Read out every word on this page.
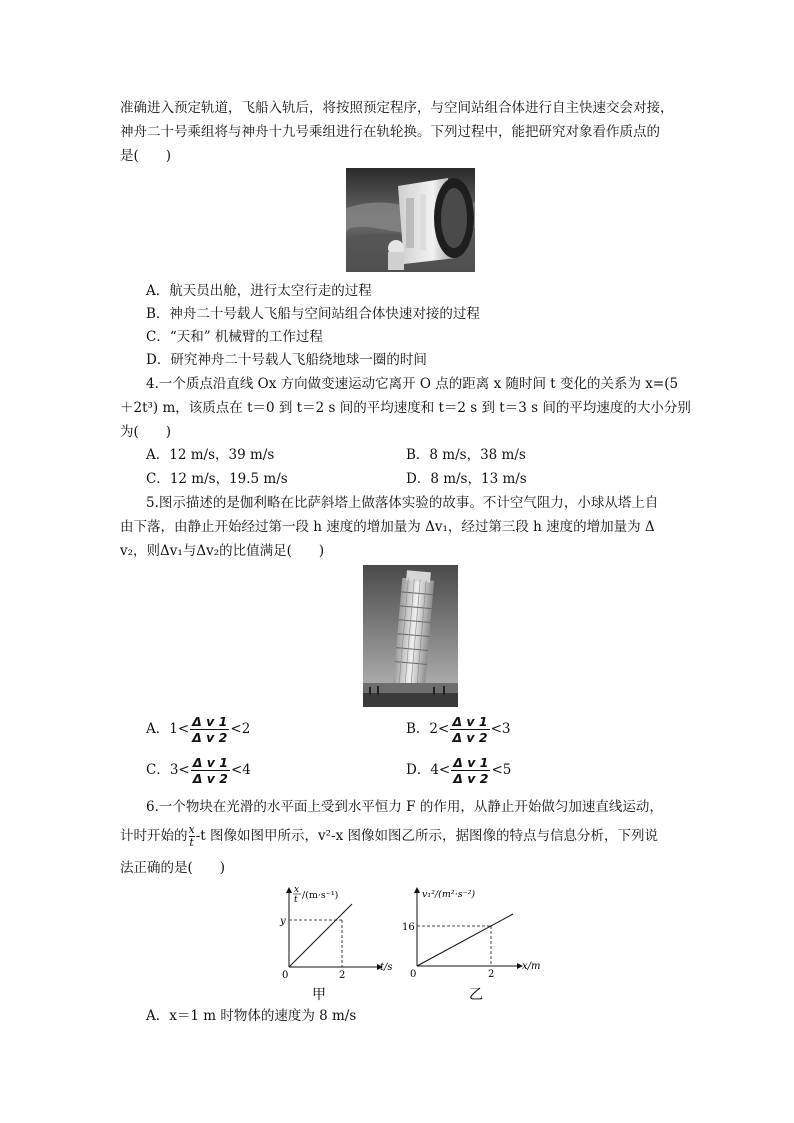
准确进入预定轨道，飞船入轨后，将按照预定程序，与空间站组合体进行自主快速交会对接，
神舟二十号乘组将与神舟十九号乘组进行在轨轮换。下列过程中，能把研究对象看作质点的
是(　　)
A．航天员出舱，进行太空行走的过程
B．神舟二十号载人飞船与空间站组合体快速对接的过程
C．“天和” 机械臂的工作过程
D．研究神舟二十号载人飞船绕地球一圈的时间
4.一个质点沿直线 Ox 方向做变速运动它离开 O 点的距离 x 随时间 t 变化的关系为 x=(5
＋2t³) m，该质点在 t＝0 到 t＝2 s 间的平均速度和 t＝2 s 到 t＝3 s 间的平均速度的大小分别
为(　　)
A．12 m/s，39 m/s	B．8 m/s，38 m/s
C．12 m/s，19.5 m/s	D．8 m/s，13 m/s
5.图示描述的是伽利略在比萨斜塔上做落体实验的故事。不计空气阻力，小球从塔上自
由下落，由静止开始经过第一段 h 速度的增加量为 Δv₁，经过第三段 h 速度的增加量为 Δ
v₂，则Δv₁与Δv₂的比值满足(　　)
A．$1< \frac{\text{Δ v 1}}{\text{Δ v 2}} <2$	B．$2< \frac{\text{Δ v 1}}{\text{Δ v 2}} <3$
C．$3< \frac{\text{Δ v 1}}{\text{Δ v 2}} <4$	D．$4< \frac{\text{Δ v 1}}{\text{Δ v 2}} <5$
6.一个物块在光滑的水平面上受到水平恒力 F 的作用，从静止开始做匀加速直线运动，
计时开始的 $\frac{x}{t} -t$ 图像如图甲所示，v²-x 图像如图乙所示，据图像的特点与信息分析，下列说
法正确的是(　　)
x
t /(m·s⁻¹)
y
0	2
t/s
甲
v₁²/(m²·s⁻²)
16
0	2
x/m
乙
A．x＝1 m 时物体的速度为 8 m/s
